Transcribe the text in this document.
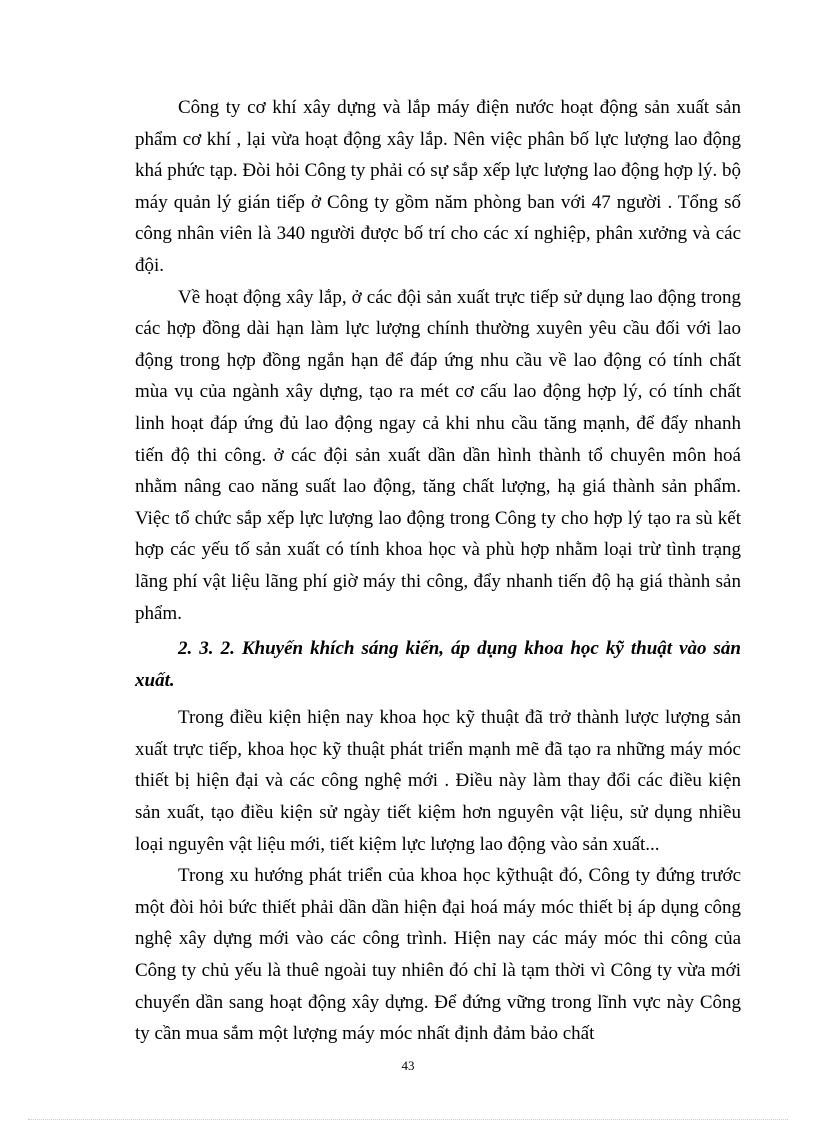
Công ty cơ khí xây dựng và lắp máy điện nước hoạt động sản xuất sản phẩm cơ khí , lại vừa hoạt động xây lắp. Nên việc phân bố lực lượng lao động khá phức tạp. Đòi hỏi Công ty phải có sự sắp xếp lực lượng lao động hợp lý. bộ máy quản lý gián tiếp ở Công ty gồm năm phòng ban với 47 người . Tổng số công nhân viên là 340 người được bố trí cho các xí nghiệp, phân xưởng và các đội.

Về hoạt động xây lắp, ở các đội sản xuất trực tiếp sử dụng lao động trong các hợp đồng dài hạn làm lực lượng chính thường xuyên yêu cầu đối với lao động trong hợp đồng ngắn hạn để đáp ứng nhu cầu về lao động có tính chất mùa vụ của ngành xây dựng, tạo ra mét cơ cấu lao động hợp lý, có tính chất linh hoạt đáp ứng đủ lao động ngay cả khi nhu cầu tăng mạnh, để đẩy nhanh tiến độ thi công. ở các đội sản xuất dần dần hình thành tổ chuyên môn hoá nhằm nâng cao năng suất lao động, tăng chất lượng, hạ giá thành sản phẩm. Việc tổ chức sắp xếp lực lượng lao động trong Công ty cho hợp lý tạo ra sù kết hợp các yếu tố sản xuất có tính khoa học và phù hợp nhằm loại trừ tình trạng lãng phí vật liệu lãng phí giờ máy thi công, đẩy nhanh tiến độ hạ giá thành sản phẩm.

2. 3. 2. Khuyến khích sáng kiến, áp dụng khoa học kỹ thuật vào sản xuất.

Trong điều kiện hiện nay khoa học kỹ thuật đã trở thành lược lượng sản xuất trực tiếp, khoa học kỹ thuật phát triển mạnh mẽ đã tạo ra những máy móc thiết bị hiện đại và các công nghệ mới . Điều này làm thay đổi các điều kiện sản xuất, tạo điều kiện sử ngày tiết kiệm hơn nguyên vật liệu, sử dụng nhiều loại nguyên vật liệu mới, tiết kiệm lực lượng lao động vào sản xuất...

Trong xu hướng phát triển của khoa học kỹthuật đó, Công ty đứng trước một đòi hỏi bức thiết phải dần dần hiện đại hoá máy móc thiết bị áp dụng công nghệ xây dựng mới vào các công trình. Hiện nay các máy móc thi công của Công ty chủ yếu là thuê ngoài tuy nhiên đó chỉ là tạm thời vì Công ty vừa mới chuyển dần sang hoạt động xây dựng. Để đứng vững trong lĩnh vực này Công ty cần mua sắm một lượng máy móc nhất định đảm bảo chất

43
